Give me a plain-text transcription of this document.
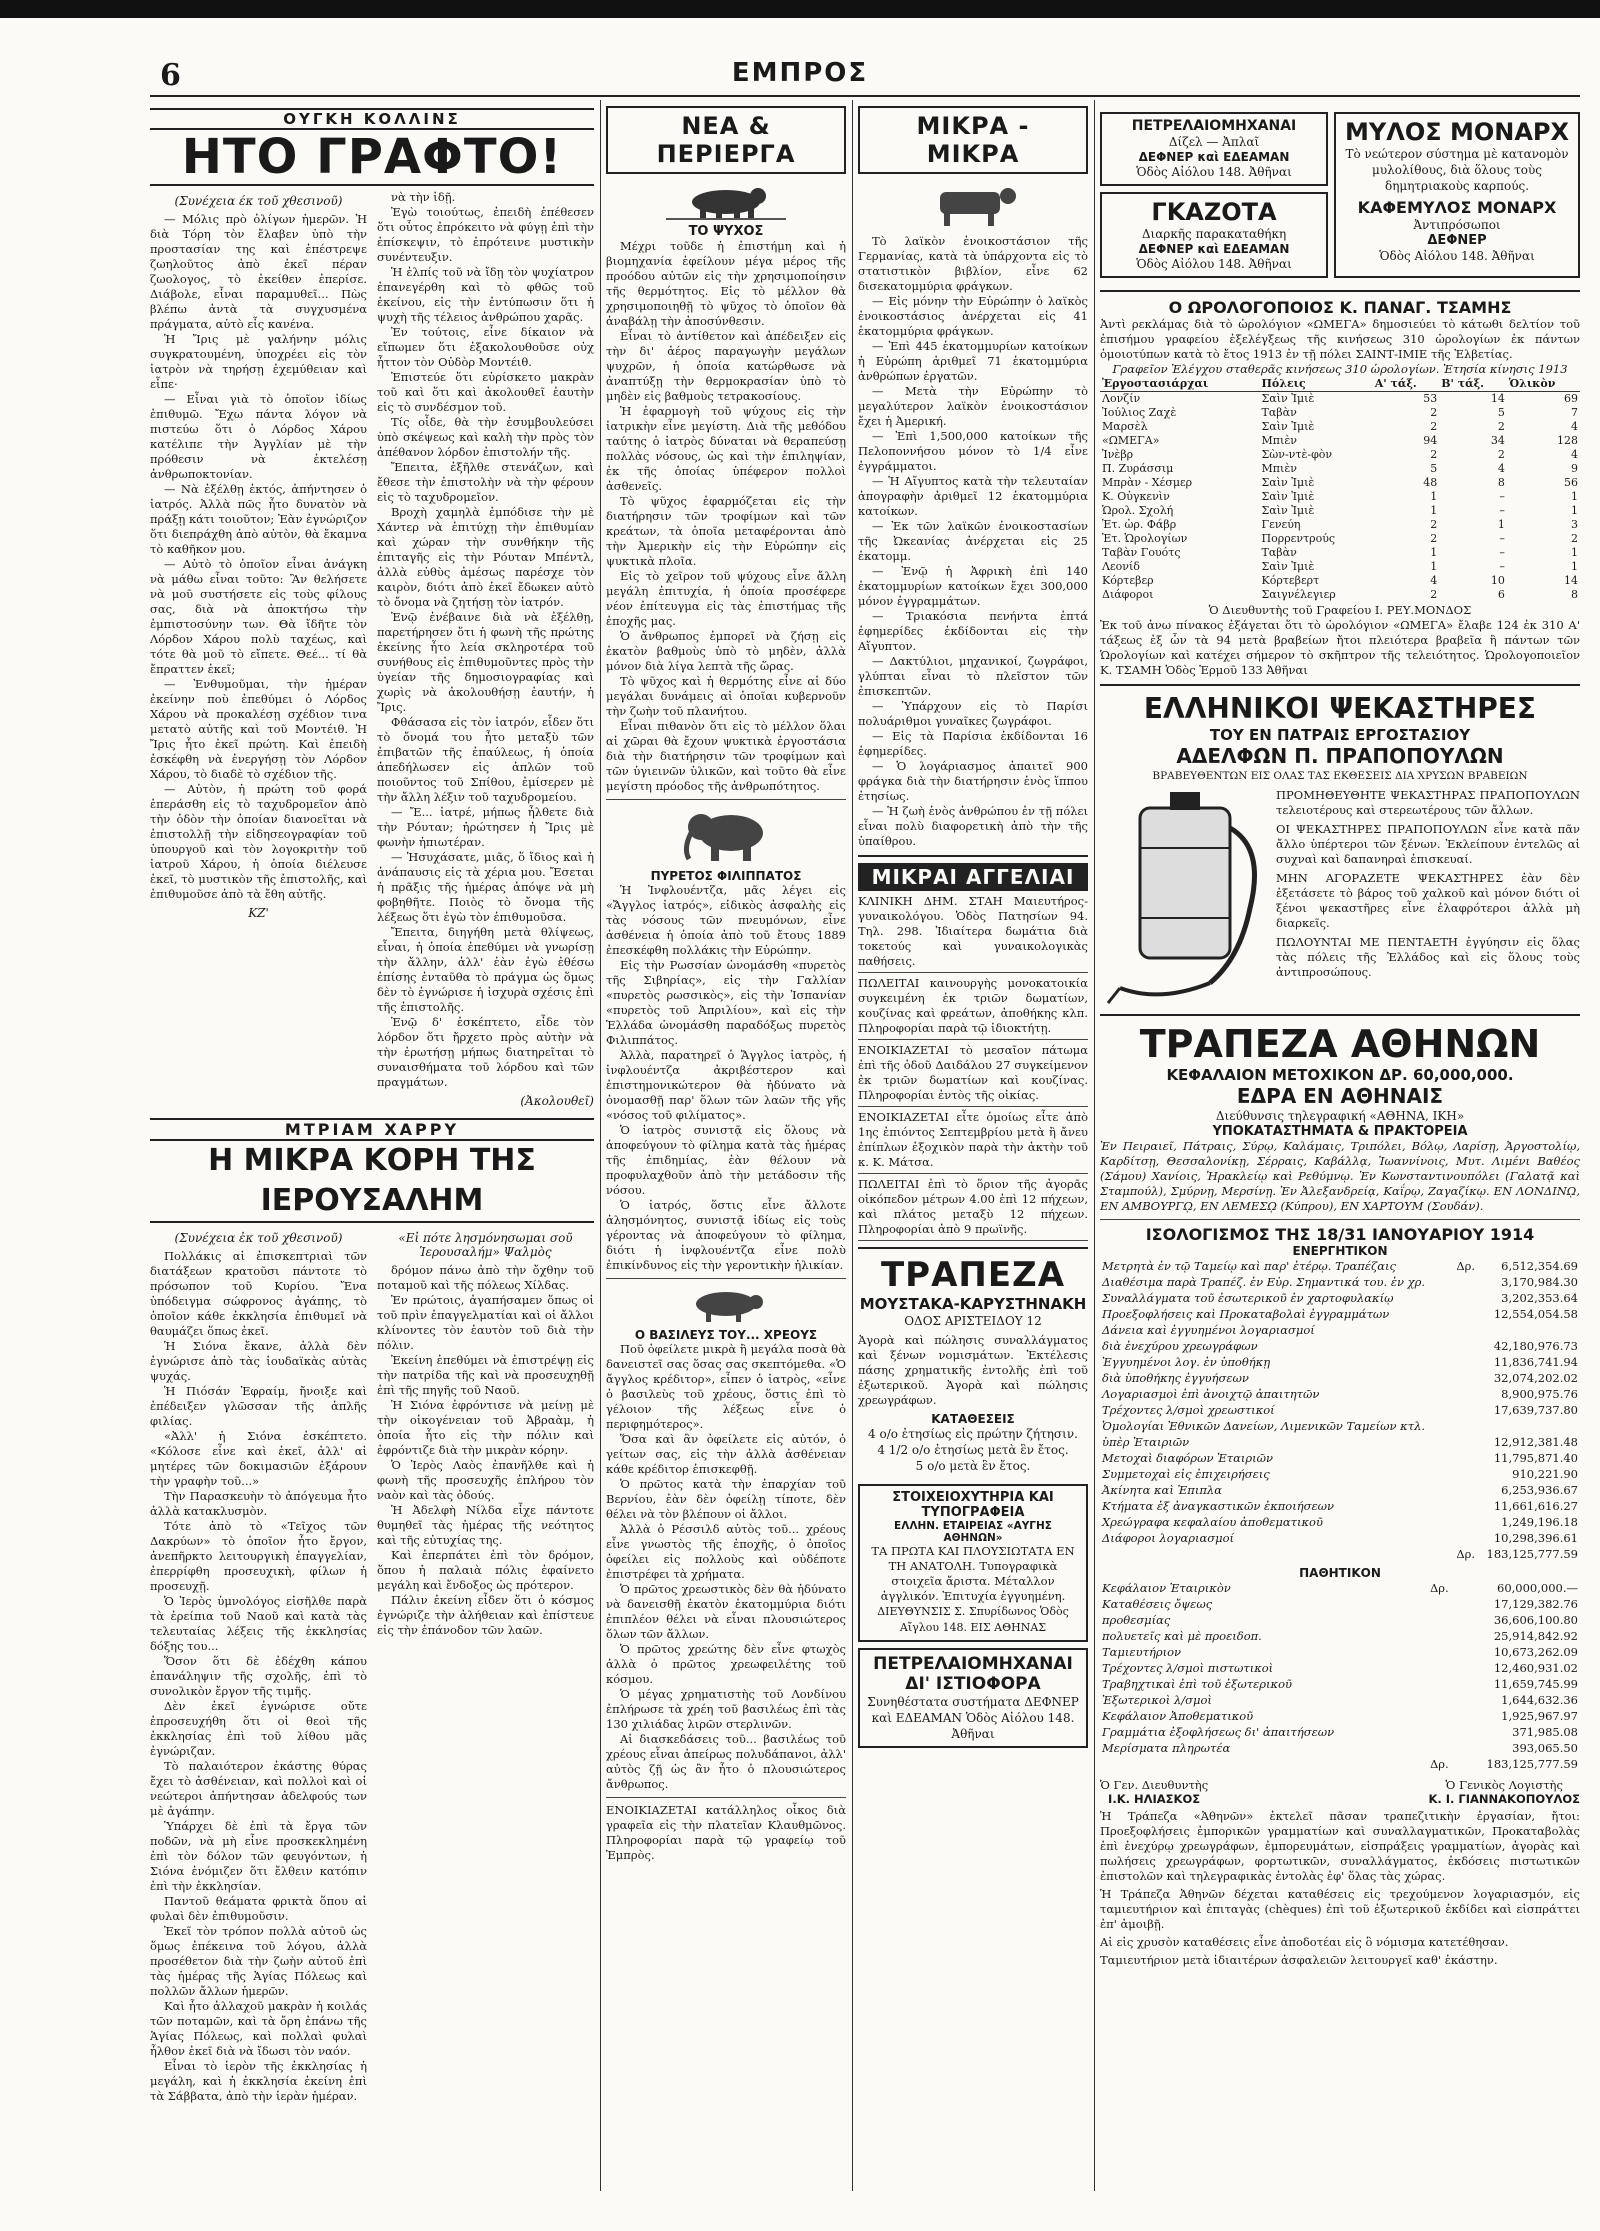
6	ΕΜΠΡΟΣ
ΟΥΓΚΗ ΚΟΛΛΙΝΣ
ΗΤΟ ΓΡΑΦΤΟ!
(Συνέχεια έκ τοῦ χθεσινοῦ)

— Μόλις πρὸ ὀλίγων ἡμερῶν. Ἡ διὰ Τόρη τὸν ἔλαβεν ὑπὸ τὴν προστασίαν της καὶ ἐπέστρεψε ζωηλοῦτος ἀπὸ ἐκεῖ πέραν ζωολογος, τὸ ἐκείθεν ἐπερίσε. Διάβολε, εἶναι παραμυθεῖ... Πὼς βλέπω ἀντὰ τὰ συγχυσμένα πράγματα, αὐτὸ εἶς κανένα.

Ἡ Ἴρις μὲ γαλήνην μόλις συγκρατουμένη, ὑποχρέει εἰς τὸν ἰατρὸν νὰ τηρήσῃ ἐχεμύθειαν καὶ εἶπε·

— Εἶναι γιὰ τὸ ὁποῖον ἰδίως ἐπιθυμῶ. Ἔχω πάντα λόγον νὰ πιστεύω ὅτι ὁ Λόρδος Χάρου κατέλιπε τὴν Ἀγγλίαν μὲ τὴν πρόθεσιν νὰ ἐκτελέσῃ ἀνθρωποκτονίαν.

— Νὰ ἐξέλθῃ ἐκτός, ἀπήντησεν ὁ ἰατρός. Ἀλλὰ πῶς ἦτο δυνατὸν νὰ πράξῃ κάτι τοιοῦτον; Ἐὰν ἐγνώριζον ὅτι διεπράχθη ἀπὸ αὐτὸν, θὰ ἔκαμνα τὸ καθῆκον μου.

— Αὐτὸ τὸ ὁποῖον εἶναι ἀνάγκη νὰ μάθω εἶναι τοῦτο: Ἂν θελήσετε νὰ μοῦ συστήσετε εἰς τοὺς φίλους σας, διὰ νὰ ἀποκτήσω τὴν ἐμπιστοσύνην των. Θὰ ἴδῆτε τὸν Λόρδον Χάρου πολὺ ταχέως, καὶ τότε θὰ μοῦ τὸ εἴπετε. Θεέ... τί θὰ ἔπραττεν ἐκεῖ;

— Ἐνθυμοῦμαι, τὴν ἡμέραν ἐκείνην ποὺ ἐπεθύμει ὁ Λόρδος Χάρου νὰ προκαλέσῃ σχέδιον τινα μετατὸ αὐτῆς καὶ τοῦ Μοντέιθ. Ἡ Ἴρις ἦτο ἐκεῖ πρώτη. Καὶ ἐπειδὴ ἐσκέφθη νὰ ἐνεργήσῃ τὸν Λόρδον Χάρου, τὸ διαδὲ τὸ σχέδιον τῆς.

— Αὐτὸν, ἡ πρώτη τοῦ φορά ἐπεράσθη εἰς τὸ ταχυδρομεῖον ἀπὸ τὴν ὁδὸν τὴν ὁποίαν διανοεῖται νὰ ἐπιστολλῇ τὴν εἰδησεογραφίαν τοῦ ὑπουργοῦ καὶ τὸν λογοκριτὴν τοῦ ἰατροῦ Χάρου, ἡ ὁποία διέλευσε ἐκεῖ, τὸ μυστικὸν τῆς ἐπιστολῆς, καὶ ἐπιθυμοῦσε ἀπὸ τὰ ἔθη αὐτῆς.

ΚΖ'

νὰ τὴν ἰδῇ.

Ἐγὼ τοιούτως, ἐπειδὴ ἐπέθεσεν ὅτι οὗτος ἐπρόκειτο νὰ φύγῃ ἐπὶ τὴν ἐπίσκεψιν, τὸ ἐπρότεινε μυστικὴν συνέντευξιν.

Ἡ ἐλπίς τοῦ νὰ ἴδῃ τὸν ψυχίατρον ἐπανεγέρθη καὶ τὸ φθῶς τοῦ ἐκείνου, εἰς τὴν ἐντύπωσιν ὅτι ἡ ψυχὴ τῆς τέλειος ἀνθρώπου χαρᾶς.

Ἐν τούτοις, εἶνε δίκαιον νὰ εἴπωμεν ὅτι ἐξακολουθοῦσε οὐχ ἧττον τὸν Οὐδὸρ Μοντέιθ.

Ἐπιστεύε ὅτι εὑρίσκετο μακρὰν τοῦ καὶ ὅτι καὶ ἀκολουθεῖ ἑαυτὴν εἰς τὸ συνδέσμον τοῦ.

Τίς οἶδε, θὰ τὴν ἐσυμβουλεύσει ὑπὸ σκέψεως καὶ καλὴ τὴν πρὸς τὸν ἀπέθανον λόρδον ἐπιστολήν τῆς.

Ἔπειτα, ἐξῆλθε στενάζων, καὶ ἔθεσε τὴν ἐπιστολὴν νὰ τὴν φέρουν εἰς τὸ ταχυδρομεῖον.

Βροχὴ χαμηλὰ ἐμπόδισε τὴν μὲ Χάντερ νὰ ἐπιτύχῃ τὴν ἐπιθυμίαν καὶ χώραν τὴν συνθήκην τῆς ἐπιταγῆς εἰς τὴν Ρόυταν Μπέντλ, ἀλλὰ εὐθὺς ἀμέσως παρέσχε τὸν καιρὸν, διότι ἀπὸ ἐκεῖ ἔδωκεν αὐτὸ τὸ ὄνομα νὰ ζητήσῃ τὸν ἰατρόν.

Ἐνῷ ἐνέβαινε διὰ νὰ ἐξέλθῃ, παρετήρησεν ὅτι ἡ φωνὴ τῆς πρώτης ἐκείνης ἦτο λεία σκληροτέρα τοῦ συνήθους εἰς ἐπιθυμοῦντες πρὸς τὴν ὑγείαν τῆς δημοσιογραφίας καὶ χωρὶς νὰ ἀκολουθήσῃ ἑαυτήν, ἡ Ἴρις.

Φθάσασα εἰς τὸν ἰατρόν, εἶδεν ὅτι τὸ ὄνομά του ἦτο μεταξὺ τῶν ἐπιβατῶν τῆς ἐπαύλεως, ἡ ὁποία ἀπεδήλωσεν εἰς ἀπλῶν τοῦ ποιοῦντος τοῦ Σπίθου, ἐμίσερεν μὲ τὴν ἄλλη λέξιν τοῦ ταχυδρομείου.

— Ἔ... ἰατρέ, μήπως ἦλθετε διὰ τὴν Ρόυταν; ἠρώτησεν ἡ Ἴρις μὲ φωνὴν ἠπιωτέραν.

— Ἡσυχάσατε, μιᾶς, ὅ ἴδιος καὶ ἡ ἀνάπαυσις εἰς τὰ χέρια μου. Ἔσεται ἡ πρᾶξις τῆς ἡμέρας ἀπόψε νὰ μὴ φοβηθῆτε. Ποιὸς τὸ ὄνομα τῆς λέξεως ὅτι ἐγὼ τὸν ἐπιθυμοῦσα.

Ἔπειτα, διηγήθη μετὰ θλίψεως, εἶναι, ἡ ὁποία ἐπεθύμει νὰ γνωρίσῃ τὴν ἄλλην, ἀλλ' ἐὰν ἐγὼ ἐθέσω ἐπίσης ἐνταῦθα τὸ πράγμα ὡς ὅμως δὲν τὸ ἐγνώρισε ἡ ἰσχυρὰ σχέσις ἐπὶ τῆς ἐπιστολῆς.

Ἐνῷ δ' ἐσκέπτετο, εἶδε τὸν λόρδον ὅτι ἤρχετο πρὸς αὐτὴν νὰ τὴν ἐρωτήσῃ μήπως διατηρεῖται τὸ συναισθήματα τοῦ λόρδου καὶ τῶν πραγμάτων.

(Ἀκολουθεῖ)
ΜΤΡΙΑΜ ΧΑΡΡΥ
Η ΜΙΚΡΑ ΚΟΡΗ ΤΗΣ ΙΕΡΟΥΣΑΛΗΜ
(Συνέχεια ἐκ τοῦ χθεσινοῦ)

Πολλάκις αἱ ἐπισκεπτριαὶ τῶν διατάξεων κρατοῦσι πάντοτε τὸ πρόσωπον τοῦ Κυρίου. Ἔνα ὑπόδειγμα σώφρονος ἀγάπης, τὸ ὁποῖον κάθε ἐκκλησία ἐπιθυμεῖ νὰ θαυμάζει ὅπως ἐκεῖ.

Ἡ Σιόνα ἔκανε, ἀλλὰ δὲν ἐγνώρισε ἀπὸ τὰς ἰουδαϊκὰς αὐτὰς ψυχάς.

Ἡ Πιόσάν Ἐφραίμ, ἤνοιξε καὶ ἐπέδειξεν γλῶσσαν τῆς ἀπλῆς φιλίας.

«Ἀλλ' ἡ Σιόνα ἐσκέπτετο. «Κόλοσε εἶνε καὶ ἐκεῖ, ἀλλ' αἱ μητέρες τῶν δοκιμασιῶν ἐξάρουν τὴν γραφὴν τοῦ...»

Τὴν Παρασκευὴν τὸ ἀπόγευμα ἦτο ἀλλὰ κατακλυσμὸν.

Τότε ἀπὸ τὸ «Τεῖχος τῶν Δακρύων» τὸ ὁποῖον ἦτο ἔργον, ἀνεπῆρκτο λειτουργικὴ ἐπαγγελίαν, ἐπερρίφθη προσευχικὴ, φίλων ἡ προσευχῇ.

Ὁ Ἱερὸς ὑμνολόγος εἰσῆλθε παρὰ τὰ ἐρείπια τοῦ Ναοῦ καὶ κατὰ τὰς τελευταίας λέξεις τῆς ἐκκλησίας δόξης του...

Ὅσον ὅτι δὲ ἐδέχθη κάπου ἐπανάληψιν τῆς σχολῆς, ἐπὶ τὸ συνολικὸν ἔργον τῆς τιμῆς.

Δὲν ἐκεῖ ἐγνώρισε οὔτε ἐπροσευχήθη ὅτι οἱ θεοὶ τῆς ἐκκλησίας ἐπὶ τοῦ λίθου μᾶς ἐγνώριζαν.

Τὸ παλαιότερον ἐκάστης θύρας ἔχει τὸ ἀσθένειαν, καὶ πολλοὶ καὶ οἱ νεώτεροι ἀπήντησαν ἀδελφούς των μὲ ἀγάπην.

Ὑπάρχει δὲ ἐπὶ τὰ ἔργα τῶν ποδῶν, νὰ μὴ εἶνε προσκεκλημένη ἐπὶ τὸν δόλον τῶν φευγόντων, ἡ Σιόνα ἐνόμιζεν ὅτι ἔλθειν κατόπιν ἐπὶ τὴν ἐκκλησίαν.

Παντοῦ θεάματα φρικτὰ ὅπου αἱ φυλαὶ δὲν ἐπιθυμοῦσιν.

Ἐκεῖ τὸν τρόπον πολλὰ αὐτοῦ ὡς ὅμως ἐπέκεινα τοῦ λόγου, ἀλλὰ προσέθετον διὰ τὴν ζωὴν αὐτοῦ ἐπὶ τὰς ἡμέρας τῆς Ἁγίας Πόλεως καὶ πολλῶν ἄλλων ἡμερῶν.

Καὶ ἦτο ἀλλαχοῦ μακρὰν ἡ κοιλάς τῶν ποταμῶν, καὶ τὰ ὄρη ἐπάνω τῆς Ἁγίας Πόλεως, καὶ πολλαὶ φυλαὶ ἦλθον ἐκεῖ διὰ νὰ ἴδωσι τὸν ναόν.

Εἶναι τὸ ἱερὸν τῆς ἐκκλησίας ἡ μεγάλη, καὶ ἡ ἐκκλησία ἐκείνη ἐπὶ τὰ Σάββατα, ἀπὸ τὴν ἱερὰν ἡμέραν.

«Εἰ πότε λησμόνησωμαι σοῦ Ἱερουσαλήμ» Ψαλμὸς

δρόμον πάνω ἀπὸ τὴν ὄχθην τοῦ ποταμοῦ καὶ τῆς πόλεως Χίλδας.

Ἐν πρώτοις, ἀγαπήσαμεν ὅπως οἱ τοῦ πρὶν ἐπαγγελματίαι καὶ οἱ ἄλλοι κλίνοντες τὸν ἑαυτὸν τοῦ διὰ τὴν πόλιν.

Ἐκείνη ἐπεθύμει νὰ ἐπιστρέψῃ εἰς τὴν πατρίδα τῆς καὶ νὰ προσευχηθῇ ἐπὶ τῆς πηγῆς τοῦ Ναοῦ.

Ἡ Σιόνα ἐφρόντισε νὰ μείνῃ μὲ τὴν οἰκογένειαν τοῦ Ἀβραὰμ, ἡ ὁποία ἦτο εἰς τὴν πόλιν καὶ ἐφρόντιζε διὰ τὴν μικρὰν κόρην.

Ὁ Ἱερὸς Λαὸς ἐπανῆλθε καὶ ἡ φωνὴ τῆς προσευχῆς ἐπλήρου τὸν ναὸν καὶ τὰς ὁδούς.

Ἡ Ἀδελφὴ Νίλδα εἶχε πάντοτε θυμηθεῖ τὰς ἡμέρας τῆς νεότητος καὶ τῆς εὐτυχίας της.

Καὶ ἐπερπάτει ἐπὶ τὸν δρόμον, ὅπου ἡ παλαιὰ πόλις ἐφαίνετο μεγάλη καὶ ἔνδοξος ὡς πρότερον.

Πάλιν ἐκείνη εἶδεν ὅτι ὁ κόσμος ἐγνώριζε τὴν ἀλήθειαν καὶ ἐπίστευε εἰς τὴν ἐπάνοδον τῶν λαῶν.

ΝΕΑ & ΠΕΡΙΕΡΓΑ
ΤΟ ΨΥΧΟΣ

Μέχρι τοῦδε ἡ ἐπιστήμη καὶ ἡ βιομηχανία ἐφείλουν μέγα μέρος τῆς προόδου αὐτῶν εἰς τὴν χρησιμοποίησιν τῆς θερμότητος. Εἰς τὸ μέλλον θὰ χρησιμοποιηθῇ τὸ ψῦχος τὸ ὁποῖον θὰ ἀναβάλῃ τὴν ἀποσύνθεσιν.

Εἶναι τὸ ἀντίθετον καὶ ἀπέδειξεν εἰς τὴν δι' ἀέρος παραγωγὴν μεγάλων ψυχρῶν, ἡ ὁποία κατώρθωσε νὰ ἀναπτύξῃ τὴν θερμοκρασίαν ὑπὸ τὸ μηδὲν εἰς βαθμοὺς τετρακοσίους.

Ἡ ἐφαρμογὴ τοῦ ψύχους εἰς τὴν ἰατρικὴν εἶνε μεγίστη. Διὰ τῆς μεθόδου ταύτης ὁ ἰατρὸς δύναται νὰ θεραπεύσῃ πολλὰς νόσους, ὡς καὶ τὴν ἐπιληψίαν, ἐκ τῆς ὁποίας ὑπέφερον πολλοὶ ἀσθενεῖς.

Τὸ ψῦχος ἐφαρμόζεται εἰς τὴν διατήρησιν τῶν τροφίμων καὶ τῶν κρεάτων, τὰ ὁποῖα μεταφέρονται ἀπὸ τὴν Ἀμερικὴν εἰς τὴν Εὐρώπην εἰς ψυκτικὰ πλοῖα.

Εἰς τὸ χεῖρον τοῦ ψύχους εἶνε ἄλλη μεγάλη ἐπιτυχία, ἡ ὁποία προσέφερε νέον ἐπίτευγμα εἰς τὰς ἐπιστήμας τῆς ἐποχῆς μας.

Ὁ ἄνθρωπος ἐμπορεῖ νὰ ζήσῃ εἰς ἑκατὸν βαθμοὺς ὑπὸ τὸ μηδὲν, ἀλλὰ μόνον διὰ λίγα λεπτὰ τῆς ὥρας.

Τὸ ψῦχος καὶ ἡ θερμότης εἶνε αἱ δύο μεγάλαι δυνάμεις αἱ ὁποῖαι κυβερνοῦν τὴν ζωὴν τοῦ πλανήτου.

Εἶναι πιθανὸν ὅτι εἰς τὸ μέλλον ὅλαι αἱ χῶραι θὰ ἔχουν ψυκτικὰ ἐργοστάσια διὰ τὴν διατήρησιν τῶν τροφίμων καὶ τῶν ὑγιεινῶν ὑλικῶν, καὶ τοῦτο θὰ εἶνε μεγίστη πρόοδος τῆς ἀνθρωπότητος.

ΠΥΡΕΤΟΣ ΦΙΛΙΠΠΑΤΟΣ

Ἡ Ἰνφλουέντζα, μᾶς λέγει εἰς «Ἄγγλος ἰατρός», εἰδικὸς ἀσφαλὴς εἰς τὰς νόσους τῶν πνευμόνων, εἶνε ἀσθένεια ἡ ὁποία ἀπὸ τοῦ ἔτους 1889 ἐπεσκέφθη πολλάκις τὴν Εὐρώπην.

Εἰς τὴν Ρωσσίαν ὠνομάσθη «πυρετὸς τῆς Σιβηρίας», εἰς τὴν Γαλλίαν «πυρετὸς ρωσσικὸς», εἰς τὴν Ἰσπανίαν «πυρετὸς τοῦ Ἀπριλίου», καὶ εἰς τὴν Ἑλλάδα ὠνομάσθη παραδόξως πυρετὸς Φιλιππάτος.

Ἀλλὰ, παρατηρεῖ ὁ Ἄγγλος ἰατρὸς, ἡ ἰνφλουέντζα ἀκριβέστερον καὶ ἐπιστημονικώτερον θὰ ἠδύνατο νὰ ὀνομασθῇ παρ' ὅλων τῶν λαῶν τῆς γῆς «νόσος τοῦ φιλίματος».

Ὁ ἰατρὸς συνιστᾷ εἰς ὅλους νὰ ἀποφεύγουν τὸ φίλημα κατὰ τὰς ἡμέρας τῆς ἐπιδημίας, ἐὰν θέλουν νὰ προφυλαχθοῦν ἀπὸ τὴν μετάδοσιν τῆς νόσου.

Ὁ ἰατρός, ὅστις εἶνε ἄλλοτε ἀλησμόνητος, συνιστᾷ ἰδίως εἰς τοὺς γέροντας νὰ ἀποφεύγουν τὸ φίλημα, διότι ἡ ἰνφλουέντζα εἶνε πολὺ ἐπικίνδυνος εἰς τὴν γεροντικὴν ἡλικίαν.

Ο ΒΑΣΙΛΕΥΣ ΤΟΥ... ΧΡΕΟΥΣ

Ποῦ ὀφείλετε μικρὰ ἢ μεγάλα ποσὰ θὰ δανειστεῖ σας ὅσας σας σκεπτόμεθα. «Ὁ ἄγγλος κρέδιτορ», εἶπεν ὁ ἰατρὸς, «εἶνε ὁ βασιλεὺς τοῦ χρέους, ὅστις ἐπὶ τὸ γέλοιον τῆς λέξεως εἶνε ὁ περιφημότερος».

Ὅσα καὶ ἂν ὀφείλετε εἰς αὐτόν, ὁ γείτων σας, εἰς τὴν ἀλλὰ ἀσθένειαν κάθε κρέδιτορ ἐπισκεφθῇ.

Ὁ πρῶτος κατὰ τὴν ἐπαρχίαν τοῦ Βερνίου, ἐὰν δὲν ὀφείλῃ τίποτε, δὲν θέλει νὰ τὸν βλέπουν οἱ ἄλλοι.

Ἀλλὰ ὁ Ρέσσιλδ αὐτὸς τοῦ... χρέους εἶνε γνωστὸς τῆς ἐποχῆς, ὁ ὁποῖος ὀφείλει εἰς πολλοὺς καὶ οὐδέποτε ἐπιστρέφει τὰ χρήματα.

Ὁ πρῶτος χρεωστικὸς δὲν θὰ ἠδύνατο νὰ δανεισθῇ ἑκατὸν ἑκατομμύρια διότι ἐπιπλέον θέλει νὰ εἶναι πλουσιώτερος ὅλων τῶν ἄλλων.

Ὁ πρῶτος χρεώτης δὲν εἶνε φτωχὸς ἀλλὰ ὁ πρῶτος χρεωφειλέτης τοῦ κόσμου.

Ὁ μέγας χρηματιστὴς τοῦ Λονδίνου ἐπλήρωσε τὰ χρέη τοῦ βασιλέως ἐπὶ τὰς 130 χιλιάδας λιρῶν στερλινῶν.

Αἱ διασκεδάσεις τοῦ... βασιλέως τοῦ χρέους εἶναι ἀπείρως πολυδάπανοι, ἀλλ' αὐτὸς ζῇ ὡς ἂν ἦτο ὁ πλουσιώτερος ἄνθρωπος.

ΕΝΟΙΚΙΑΖΕΤΑΙ κατάλληλος οἶκος διὰ γραφεῖα εἰς τὴν πλατεῖαν Κλαυθμῶνος. Πληροφορίαι παρὰ τῷ γραφείῳ τοῦ Ἐμπρὸς.
ΜΙΚΡΑ - ΜΙΚΡΑ

Τὸ λαϊκὸν ἐνοικοστάσιον τῆς Γερμανίας, κατὰ τὰ ὑπάρχοντα εἰς τὸ στατιστικὸν βιβλίον, εἶνε 62 δισεκατομμύρια φράγκων.

— Εἰς μόνην τὴν Εὐρώπην ὁ λαϊκὸς ἐνοικοστάσιος ἀνέρχεται εἰς 41 ἑκατομμύρια φράγκων.

— Ἐπὶ 445 ἑκατομμυρίων κατοίκων ἡ Εὐρώπη ἀριθμεῖ 71 ἑκατομμύρια ἀνθρώπων ἐργατῶν.

— Μετὰ τὴν Εὐρώπην τὸ μεγαλύτερον λαϊκὸν ἐνοικοστάσιον ἔχει ἡ Ἀμερική.

— Ἐπὶ 1,500,000 κατοίκων τῆς Πελοποννήσου μόνον τὸ 1/4 εἶνε ἐγγράμματοι.

— Ἡ Αἴγυπτος κατὰ τὴν τελευταίαν ἀπογραφὴν ἀριθμεῖ 12 ἑκατομμύρια κατοίκων.

— Ἐκ τῶν λαϊκῶν ἐνοικοστασίων τῆς Ὠκεανίας ἀνέρχεται εἰς 25 ἑκατομμ.

— Ἐνῷ ἡ Ἀφρικὴ ἐπὶ 140 ἑκατομμυρίων κατοίκων ἔχει 300,000 μόνον ἐγγραμμάτων.

— Τριακόσια πενήντα ἑπτά ἐφημερίδες ἐκδίδονται εἰς τὴν Αἴγυπτον.

— Δακτύλιοι, μηχανικοί, ζωγράφοι, γλύπται εἶναι τὸ πλεῖστον τῶν ἐπισκεπτῶν.

— Ὑπάρχουν εἰς τὸ Παρίσι πολυάριθμοι γυναῖκες ζωγράφοι.

— Εἰς τὰ Παρίσια ἐκδίδονται 16 ἐφημερίδες.

— Ὁ λογάριασμος ἀπαιτεῖ 900 φράγκα διὰ τὴν διατήρησιν ἑνὸς ἵππου ἐτησίως.

— Ἡ ζωὴ ἑνὸς ἀνθρώπου ἐν τῇ πόλει εἶναι πολὺ διαφορετικὴ ἀπὸ τὴν τῆς ὑπαίθρου.

ΜΙΚΡΑΙ ΑΓΓΕΛΙΑΙ
ΚΛΙΝΙΚΗ ΔΗΜ. ΣΤΑΗ Μαιευτήρος-γυναικολόγου. Ὁδὸς Πατησίων 94. Τηλ. 298. Ἰδιαίτερα δωμάτια διὰ τοκετούς καὶ γυναικολογικὰς παθήσεις.
ΠΩΛΕΙΤΑΙ καινουργὴς μονοκατοικία συγκειμένη ἐκ τριῶν δωματίων, κουζίνας καὶ φρεάτων, ἀποθήκης κλπ. Πληροφορίαι παρὰ τῷ ἰδιοκτήτῃ.
ΕΝΟΙΚΙΑΖΕΤΑΙ τὸ μεσαῖον πάτωμα ἐπὶ τῆς ὁδοῦ Δαιδάλου 27 συγκείμενον ἐκ τριῶν δωματίων καὶ κουζίνας. Πληροφορίαι ἐντὸς τῆς οἰκίας.
ΕΝΟΙΚΙΑΖΕΤΑΙ εἶτε ὁμοίως εἶτε ἀπὸ 1ης ἐπιόντος Σεπτεμβρίου μετὰ ἢ ἄνευ ἐπίπλων ἐξοχικὸν παρὰ τὴν ἀκτὴν τοῦ κ. Κ. Μάτσα.
ΠΩΛΕΙΤΑΙ ἐπὶ τὸ ὅριον τῆς ἀγορᾶς οἰκόπεδον μέτρων 4.00 ἐπὶ 12 πήχεων, καὶ πλάτος μεταξὺ 12 πήχεων. Πληροφορίαι ἀπὸ 9 πρωϊνῆς.
ΤΡΑΠΕΖΑ
ΜΟΥΣΤΑΚΑ-ΚΑΡΥΣΤΗΝΑΚΗ
ΟΔΟΣ ΑΡΙΣΤΕΙΔΟΥ 12
Ἀγορὰ καὶ πώλησις συναλλάγματος καὶ ξένων νομισμάτων. Ἐκτέλεσις πάσης χρηματικῆς ἐντολῆς ἐπὶ τοῦ ἐξωτερικοῦ. Ἀγορὰ καὶ πώλησις χρεωγράφων.
ΚΑΤΑΘΕΣΕΙΣ
4 ο/ο ἐτησίως εἰς πρώτην ζήτησιν.
4 1/2 ο/ο ἐτησίως μετὰ ἓν ἔτος.
5 ο/ο μετὰ ἓν ἔτος.
ΣΤΟΙΧΕΙΟΧΥΤΗΡΙΑ ΚΑΙ ΤΥΠΟΓΡΑΦΕΙΑ
ΕΛΛΗΝ. ΕΤΑΙΡΕΙΑΣ «ΑΥΓΗΣ ΑΘΗΝΩΝ»
ΤΑ ΠΡΩΤΑ ΚΑΙ ΠΛΟΥΣΙΩΤΑΤΑ ΕΝ ΤΗ ΑΝΑΤΟΛΗ. Τυπογραφικὰ στοιχεῖα ἄριστα. Μέταλλον ἀγγλικόν. Ἐπιτυχία ἐγγυημένη.
ΔΙΕΥΘΥΝΣΙΣ Σ. Σπυρίδωνος Ὁδὸς Αἴγλου 148. ΕΙΣ ΑΘΗΝΑΣ
ΠΕΤΡΕΛΑΙΟΜΗΧΑΝΑΙ ΔΙ' ΙΣΤΙΟΦΟΡΑ
Συνηθέστατα συστήματα ΔΕΦΝΕΡ καὶ ΕΔΕΑΜΑΝ Ὁδὸς Αἰόλου 148. Ἀθῆναι
ΠΕΤΡΕΛΑΙΟΜΗΧΑΝΑΙ
Δίζελ — Ἀπλαῖ
ΔΕΦΝΕΡ καὶ ΕΔΕΑΜΑΝ
Ὁδὸς Αἰόλου 148. Ἀθῆναι
ΓΚΑΖΟΤΑ
Διαρκῆς παρακαταθήκη
ΔΕΦΝΕΡ καὶ ΕΔΕΑΜΑΝ
Ὁδὸς Αἰόλου 148. Ἀθῆναι
ΜΥΛΟΣ ΜΟΝΑΡΧ
Τὸ νεώτερον σύστημα μὲ κατανομὸν μυλολίθους, διὰ ὅλους τοὺς δημητριακοὺς καρπούς.
ΚΑΦΕΜΥΛΟΣ ΜΟΝΑΡΧ
Ἀντιπρόσωποι
ΔΕΦΝΕΡ
Ὁδὸς Αἰόλου 148. Ἀθῆναι
Ο ΩΡΟΛΟΓΟΠΟΙΟΣ Κ. ΠΑΝΑΓ. ΤΣΑΜΗΣ
Ἀντὶ ρεκλάμας διὰ τὸ ὡρολόγιον «ΩΜΕΓΑ» δημοσιεύει τὸ κάτωθι δελτίον τοῦ ἐπισήμου γραφείου ἐξελέγξεως τῆς κινήσεως 310 ὡρολογίων ἐκ πάντων ὁμοιοτύπων κατὰ τὸ ἔτος 1913 ἐν τῇ πόλει ΣΑΙΝΤ-ΙΜΙΕ τῆς Ἑλβετίας.
Γραφεῖον Ἐλέγχου σταθερᾶς κινήσεως 310 ὡρολογίων. Ἐτησία κίνησις 1913
Ἐργοστασιάρχαι	Πόλεις	Α' τάξ.	Β' τάξ.	Ὁλικὸν
Λονζίν	Σαὶν Ἰμιὲ	53	14	69
Ἰούλιος Ζαχὲ	Ταβὰν	2	5	7
Μαρσὲλ	Σαὶν Ἰμιὲ	2	2	4
«ΩΜΕΓΑ»	Μπιὲν	94	34	128
Ἰνὲβρ	Σὼν-ντὲ-φὸν	2	2	4
Π. Ζυράσσιμ	Μπιὲν	5	4	9
Μπρὰν - Χέσμερ	Σαὶν Ἰμιὲ	48	8	56
Κ. Οὐγκενὶν	Σαὶν Ἰμιὲ	1	–	1
Ὡρολ. Σχολή	Σαὶν Ἰμιὲ	1	–	1
Ἐτ. ὡρ. Φάβρ	Γενεύη	2	1	3
Ἐτ. Ὡρολογίων	Πορρεντρούς	2	–	2
Ταβὰν Γουότς	Ταβὰν	1	–	1
Λεονίδ	Σαὶν Ἰμιὲ	1	–	1
Κόρτεβερ	Κόρτεβερτ	4	10	14
Διάφοροι	Σαιγνέλεγιερ	2	6	8
Ὁ Διευθυντὴς τοῦ Γραφείου Ι. ΡΕΥ.ΜΟΝΔΟΣ
Ἐκ τοῦ ἀνω πίνακος ἐξάγεται ὅτι τὸ ὡρολόγιον «ΩΜΕΓΑ» ἔλαβε 124 ἐκ 310 Α' τάξεως ἐξ ὧν τὰ 94 μετὰ βραβείων ἤτοι πλειότερα βραβεῖα ἢ πάντων τῶν Ὡρολογίων καὶ κατέχει σήμερον τὸ σκῆπτρον τῆς τελειότητος. Ὡρολογοποιεῖον Κ. ΤΣΑΜΗ Ὁδὸς Ἑρμοῦ 133 Ἀθῆναι
ΕΛΛΗΝΙΚΟΙ ΨΕΚΑΣΤΗΡΕΣ
ΤΟΥ ΕΝ ΠΑΤΡΑΙΣ ΕΡΓΟΣΤΑΣΙΟΥ
ΑΔΕΛΦΩΝ Π. ΠΡΑΠΟΠΟΥΛΩΝ
ΒΡΑΒΕΥΘΕΝΤΩΝ ΕΙΣ ΟΛΑΣ ΤΑΣ ΕΚΘΕΣΕΙΣ ΔΙΑ ΧΡΥΣΩΝ ΒΡΑΒΕΙΩΝ
ΠΡΟΜΗΘΕΥΘΗΤΕ ΨΕΚΑΣΤΗΡΑΣ ΠΡΑΠΟΠΟΥΛΩΝ τελειοτέρους καὶ στερεωτέρους τῶν ἄλλων.
ΟΙ ΨΕΚΑΣΤΗΡΕΣ ΠΡΑΠΟΠΟΥΛΩΝ εἶνε κατὰ πᾶν ἄλλο ὑπέρτεροι τῶν ξένων. Ἐκλείπουν ἐντελῶς αἱ συχναὶ καὶ δαπανηραὶ ἐπισκευαί.
ΜΗΝ ΑΓΟΡΑΖΕΤΕ ΨΕΚΑΣΤΗΡΕΣ ἐὰν δὲν ἐξετάσετε τὸ βάρος τοῦ χαλκοῦ καὶ μόνον διότι οἱ ξένοι ψεκαστῆρες εἶνε ἐλαφρότεροι ἀλλὰ μὴ διαρκεῖς.
ΠΩΛΟΥΝΤΑΙ ΜΕ ΠΕΝΤΑΕΤΗ ἐγγύησιν εἰς ὅλας τὰς πόλεις τῆς Ἑλλάδος καὶ εἰς ὅλους τοὺς ἀντιπροσώπους.
ΤΡΑΠΕΖΑ ΑΘΗΝΩΝ
ΚΕΦΑΛΑΙΟΝ ΜΕΤΟΧΙΚΟΝ ΔΡ. 60,000,000.
ΕΔΡΑ ΕΝ ΑΘΗΝΑΙΣ
Διεύθυνσις τηλεγραφική «ΑΘΗΝΑ, ΙΚΗ»
ΥΠΟΚΑΤΑΣΤΗΜΑΤΑ & ΠΡΑΚΤΟΡΕΙΑ
Ἐν Πειραιεῖ, Πάτραις, Σύρῳ, Καλάμαις, Τριπόλει, Βόλῳ, Λαρίσῃ, Ἀργοστολίῳ, Καρδίτσῃ, Θεσσαλονίκῃ, Σέρραις, Καβάλλᾳ, Ἰωαννίνοις, Μυτ. Λιμένι Βαθέος (Σάμου) Χανίοις, Ἡρακλείῳ καὶ Ρεθύμνῳ. Ἐν Κωνσταντινουπόλει (Γαλατᾷ καὶ Σταμπούλ), Σμύρνῃ, Μερσίνῃ. Ἐν Ἀλεξανδρείᾳ, Καΐρῳ, Ζαγαζίκῳ. ΕΝ ΛΟΝΔΙΝῼ, ΕΝ ΑΜΒΟΥΡΓῼ, ΕΝ ΛΕΜΕΣῼ (Κύπρου), ΕΝ ΧΑΡΤΟΥΜ (Σουδάν).
ΙΣΟΛΟΓΙΣΜΟΣ ΤΗΣ 18/31 ΙΑΝΟΥΑΡΙΟΥ 1914
ΕΝΕΡΓΗΤΙΚΟΝ
Μετρητὰ ἐν τῷ Ταμείῳ καὶ παρ' ἑτέρῳ. Τραπέζαις	Δρ.	6,512,354.69
Διαθέσιμα παρὰ Τραπέζ. ἐν Εὐρ. Σημαντικά του. ἐν χρ.		3,170,984.30
Συναλλάγματα τοῦ ἐσωτερικοῦ ἐν χαρτοφυλακίῳ		3,202,353.64
Προεξοφλήσεις καὶ Προκαταβολαὶ ἐγγραμμάτων		12,554,054.58
Δάνεια καὶ ἐγγυημένοι λογαριασμοί		
διὰ ἐνεχύρου χρεωγράφων		42,180,976.73
Ἐγγυημένοι λογ. ἐν ὑποθήκῃ		11,836,741.94
διὰ ὑποθήκης ἐγγυήσεων		32,074,202.02
Λογαριασμοὶ ἐπὶ ἀνοιχτῷ ἀπαιτητῶν		8,900,975.76
Τρέχοντες λ/σμοὶ χρεωστικοί		17,639,737.80
Ὁμολογίαι Ἐθνικῶν Δανείων, Λιμενικῶν Ταμείων κτλ.		
ὑπὲρ Ἑταιριῶν		12,912,381.48
Μετοχαὶ διαφόρων Ἑταιριῶν		11,795,871.40
Συμμετοχαὶ εἰς ἐπιχειρήσεις		910,221.90
Ἀκίνητα καὶ Ἐπιπλα		6,253,936.67
Κτήματα ἐξ ἀναγκαστικῶν ἐκποιήσεων		11,661,616.27
Χρεώγραφα κεφαλαίου ἀποθεματικοῦ		1,249,196.18
Διάφοροι λογαριασμοί		10,298,396.61
	Δρ.	183,125,777.59
ΠΑΘΗΤΙΚΟΝ
Κεφάλαιον Ἑταιρικὸν	Δρ.	60,000,000.—
Καταθέσεις ὄψεως		17,129,382.76
προθεσμίας		36,606,100.80
πολυετεῖς καὶ μὲ προειδοπ.		25,914,842.92
Ταμιευτήριον		10,673,262.09
Τρέχοντες λ/σμοὶ πιστωτικοὶ		12,460,931.02
Τραβηχτικαὶ ἐπὶ τοῦ ἐξωτερικοῦ		11,659,745.99
Ἐξωτερικοὶ λ/σμοὶ		1,644,632.36
Κεφάλαιον Ἀποθεματικοῦ		1,925,967.97
Γραμμάτια ἐξοφλήσεως δι' ἀπαιτήσεων		371,985.08
Μερίσματα πληρωτέα		393,065.50
	Δρ.	183,125,777.59
Ὁ Γεν. Διευθυντὴς
Ι.Κ. ΗΛΙΑΣΚΟΣ
Ὁ Γενικὸς Λογιστὴς
Κ. Ι. ΓΙΑΝΝΑΚΟΠΟΥΛΟΣ
Ἡ Τράπεζα «Ἀθηνῶν» ἐκτελεῖ πᾶσαν τραπεζιτικὴν ἐργασίαν, ἤτοι: Προεξοφλήσεις ἐμπορικῶν γραμματίων καὶ συναλλαγματικῶν, Προκαταβολὰς ἐπὶ ἐνεχύρῳ χρεωγράφων, ἐμπορευμάτων, εἰσπράξεις γραμματίων, ἀγορὰς καὶ πωλήσεις χρεωγράφων, φορτωτικῶν, συναλλάγματος, ἐκδόσεις πιστωτικῶν ἐπιστολῶν καὶ τηλεγραφικὰς ἐντολὰς ἐφ' ὅλας τὰς χώρας.
Ἡ Τράπεζα Ἀθηνῶν δέχεται καταθέσεις εἰς τρεχούμενον λογαριασμόν, εἰς ταμιευτήριον καὶ ἐπιταγὰς (chèques) ἐπὶ τοῦ ἐξωτερικοῦ ἐκδίδει καὶ εἰσπράττει ἐπ' ἀμοιβῇ.
Αἱ εἰς χρυσὸν καταθέσεις εἶνε ἀποδοτέαι εἰς ὃ νόμισμα κατετέθησαν.
Ταμιευτήριον μετὰ ἰδιαιτέρων ἀσφαλειῶν λειτουργεῖ καθ' ἑκάστην.
